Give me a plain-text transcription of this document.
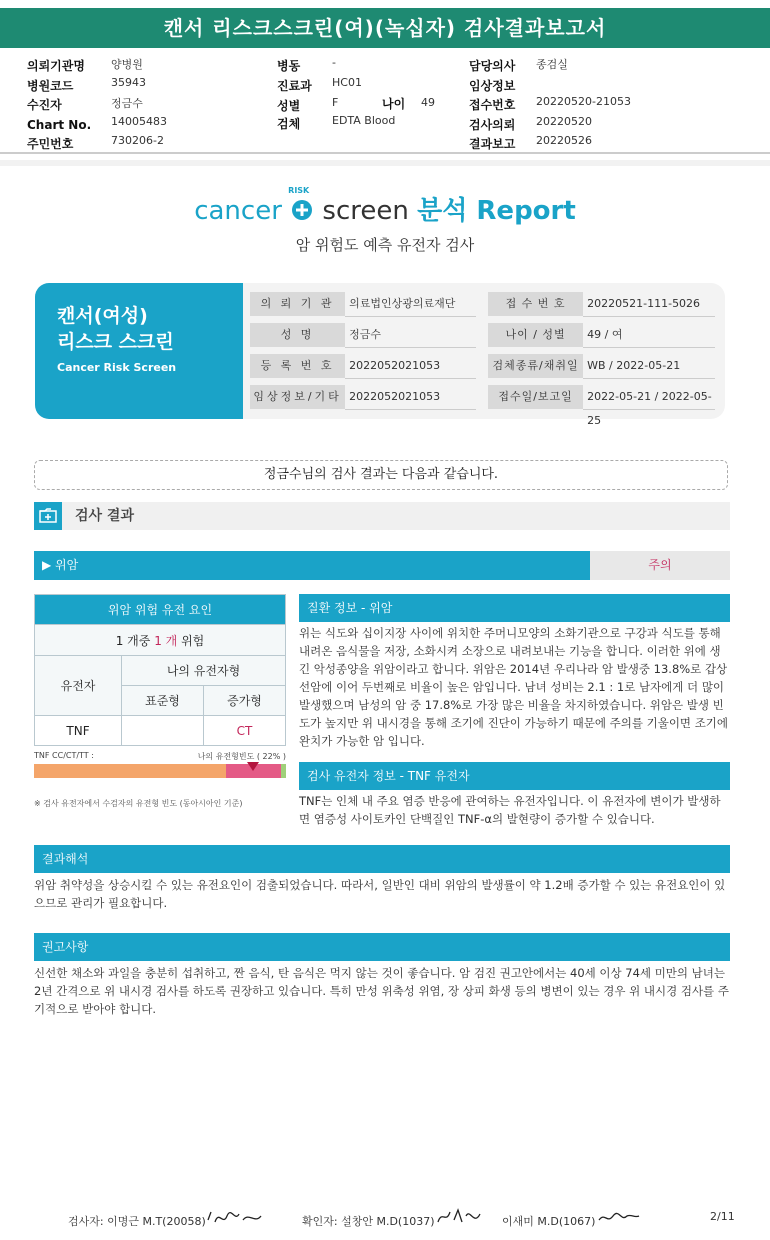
캔서 리스크스크린(여)(녹십자) 검사결과보고서
의뢰기관명 양병원
병원코드	35943
수진자	정금수
Chart No. 14005483
주민번호	730206-2
병동	-
진료과 HC01
성별	F
검체	EDTA Blood
나이 49
담당의사 종검실
임상정보
접수번호 20220520-21053
검사의뢰 20220520
결과보고 20220526
cancer
RISK
screen 분석 Report
암 위험도 예측 유전자 검사
캔서(여성)
리스크 스크린
Cancer Risk Screen
의 뢰 기 관	의료법인상광의료재단	접 수 번 호	20220521-111-5026
성 명	정금수	나이 / 성별	49 / 여
등 록 번 호	2022052021053	검체종류/채취일 WB / 2022-05-21
임상정보/기타 2022052021053	접수일/보고일	2022-05-21 / 2022-05-25
정금수님의 검사 결과는 다음과 같습니다.
검사 결과
▶ 위암	주의
위암 위험 유전 요인		
1 개중 1 개 위험		
유전자	나의 유전자형	
	표준형	증가형
TNF		CT
TNF CC/CT/TT :	나의 유전형빈도 ( 22% )
※ 검사 유전자에서 수검자의 유전형 빈도 (동아시아인 기준)
질환 정보 - 위암
위는 식도와 십이지장 사이에 위치한 주머니모양의 소화기관으로 구강과 식도를 통해 내려온 음식물을 저장, 소화시켜 소장으로 내려보내는 기능을 합니다. 이러한 위에 생긴 악성종양을 위암이라고 합니다. 위암은 2014년 우리나라 암 발생중 13.8%로 갑상선암에 이어 두번째로 비율이 높은 암입니다. 남녀 성비는 2.1 : 1로 남자에게 더 많이 발생했으며 남성의 암 중 17.8%로 가장 많은 비율을 차지하였습니다. 위암은 발생 빈도가 높지만 위 내시경을 통해 조기에 진단이 가능하기 때문에 주의를 기울이면 조기에 완치가 가능한 암 입니다.
검사 유전자 정보 - TNF 유전자
TNF는 인체 내 주요 염증 반응에 관여하는 유전자입니다. 이 유전자에 변이가 발생하면 염증성 사이토카인 단백질인 TNF-α의 발현량이 증가할 수 있습니다.
결과해석
위암 취약성을 상승시킬 수 있는 유전요인이 검출되었습니다. 따라서, 일반인 대비 위암의 발생률이 약 1.2배 증가할 수 있는 유전요인이 있으므로 관리가 필요합니다.
권고사항
신선한 채소와 과일을 충분히 섭취하고, 짠 음식, 탄 음식은 먹지 않는 것이 좋습니다. 암 검진 권고안에서는 40세 이상 74세 미만의 남녀는 2년 간격으로 위 내시경 검사를 하도록 권장하고 있습니다. 특히 만성 위축성 위염, 장 상피 화생 등의 병변이 있는 경우 위 내시경 검사를 주기적으로 받아야 합니다.
검사자: 이명근 M.T(20058)	확인자: 설창안 M.D(1037)	이새미 M.D(1067)	2/11
